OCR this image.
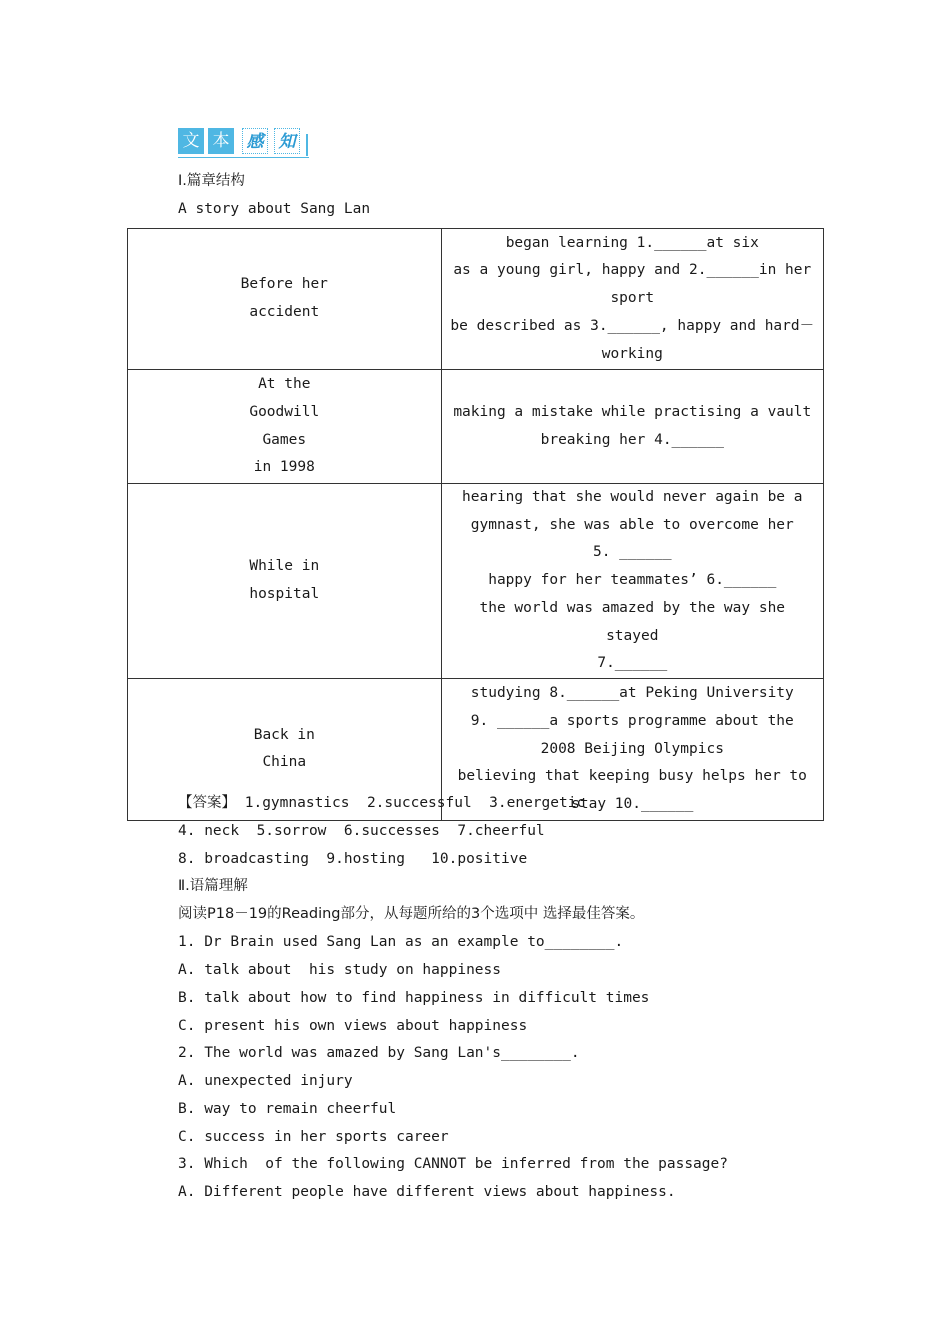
文 本 感 知
Ⅰ.篇章结构
A story about Sang Lan
Before her
accident	began learning 1.______at six
as a young girl, happy and 2.______in her sport
be described as 3.______, happy and hard－working

At the
Goodwill
Games
in 1998	making a mistake while practising a vault
breaking her 4.______

While in
hospital	hearing that she would never again be a gymnast, she was able to overcome her
5. ______
happy for her teammates’ 6.______
the world was amazed by the way she stayed
7.______

Back in
China	studying 8.______at Peking University
9. ______a sports programme about the 2008 Beijing Olympics
believing that keeping busy helps her to stay 10.______
【答案】 1.gymnastics  2.successful  3.energetic
4. neck  5.sorrow  6.successes  7.cheerful
8. broadcasting  9.hosting   10.positive
Ⅱ.语篇理解
阅读P18－19的Reading部分，从每题所给的3个选项中 选择最佳答案。
1. Dr Brain used Sang Lan as an example to________.
A. talk about  his study on happiness
B. talk about how to find happiness in difficult times
C. present his own views about happiness
2. The world was amazed by Sang Lan's________.
A. unexpected injury
B. way to remain cheerful
C. success in her sports career
3. Which  of the following CANNOT be inferred from the passage?
A. Different people have different views about happiness.
